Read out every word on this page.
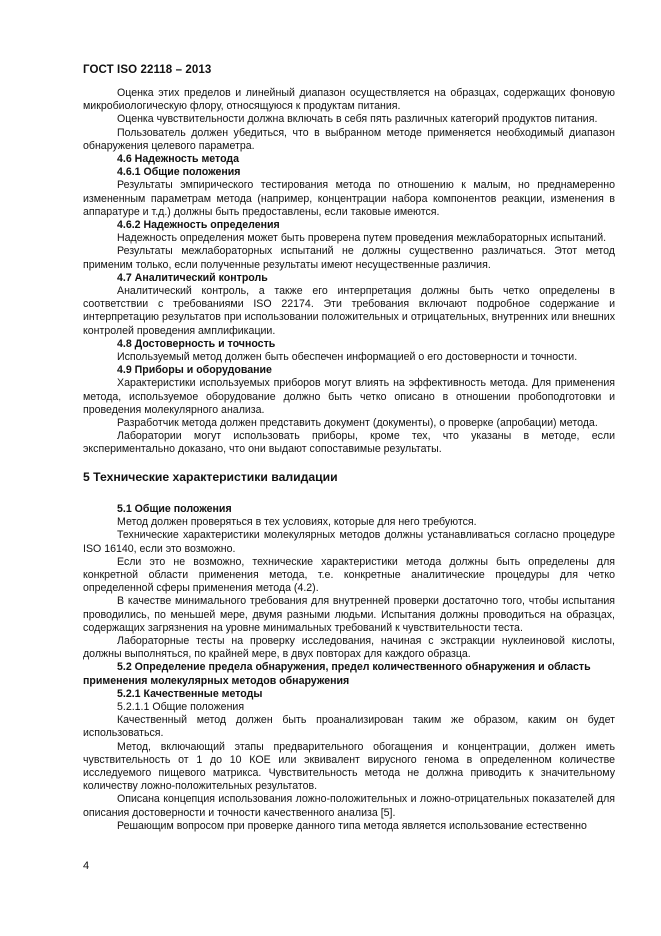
ГОСТ ISO 22118 – 2013
Оценка этих пределов и линейный диапазон осуществляется на образцах, содержащих фоновую микробиологическую флору, относящуюся к продуктам питания.
Оценка чувствительности должна включать в себя пять различных категорий продуктов питания.
Пользователь должен убедиться, что в выбранном методе применяется необходимый диапазон обнаружения целевого параметра.
4.6 Надежность метода
4.6.1 Общие положения
Результаты эмпирического тестирования метода по отношению к малым, но преднамеренно измененным параметрам метода (например, концентрации набора компонентов реакции, изменения в аппаратуре и т.д.) должны быть предоставлены, если таковые имеются.
4.6.2 Надежность определения
Надежность определения может быть проверена путем проведения межлабораторных испытаний.
Результаты межлабораторных испытаний не должны существенно различаться. Этот метод применим только, если полученные результаты имеют несущественные различия.
4.7 Аналитический контроль
Аналитический контроль, а также его интерпретация должны быть четко определены в соответствии с требованиями ISO 22174. Эти требования включают подробное содержание и интерпретацию результатов при использовании положительных и отрицательных, внутренних или внешних контролей проведения амплификации.
4.8 Достоверность и точность
Используемый метод должен быть обеспечен информацией о его достоверности и точности.
4.9 Приборы и оборудование
Характеристики используемых приборов могут влиять на эффективность метода. Для применения метода, используемое оборудование должно быть четко описано в отношении пробоподготовки и проведения молекулярного анализа.
Разработчик метода должен представить документ (документы), о проверке (апробации) метода.
Лаборатории могут использовать приборы, кроме тех, что указаны в методе, если экспериментально доказано, что они выдают сопоставимые результаты.
5 Технические характеристики валидации
5.1 Общие положения
Метод должен проверяться в тех условиях, которые для него требуются.
Технические характеристики молекулярных методов должны устанавливаться согласно процедуре ISO 16140, если это возможно.
Если это не возможно, технические характеристики метода должны быть определены для конкретной области применения метода, т.е. конкретные аналитические процедуры для четко определенной сферы применения метода (4.2).
В качестве минимального требования для внутренней проверки достаточно того, чтобы испытания проводились, по меньшей мере, двумя разными людьми. Испытания должны проводиться на образцах, содержащих загрязнения на уровне минимальных требований к чувствительности теста.
Лабораторные тесты на проверку исследования, начиная с экстракции нуклеиновой кислоты, должны выполняться, по крайней мере, в двух повторах для каждого образца.
5.2 Определение предела обнаружения, предел количественного обнаружения и область применения молекулярных методов обнаружения
5.2.1 Качественные методы
5.2.1.1 Общие положения
Качественный метод должен быть проанализирован таким же образом, каким он будет использоваться.
Метод, включающий этапы предварительного обогащения и концентрации, должен иметь чувствительность от 1 до 10 КОЕ или эквивалент вирусного генома в определенном количестве исследуемого пищевого матрикса. Чувствительность метода не должна приводить к значительному количеству ложно-положительных результатов.
Описана концепция использования ложно-положительных и ложно-отрицательных показателей для описания достоверности и точности качественного анализа [5].
Решающим вопросом при проверке данного типа метода является использование естественно
4
